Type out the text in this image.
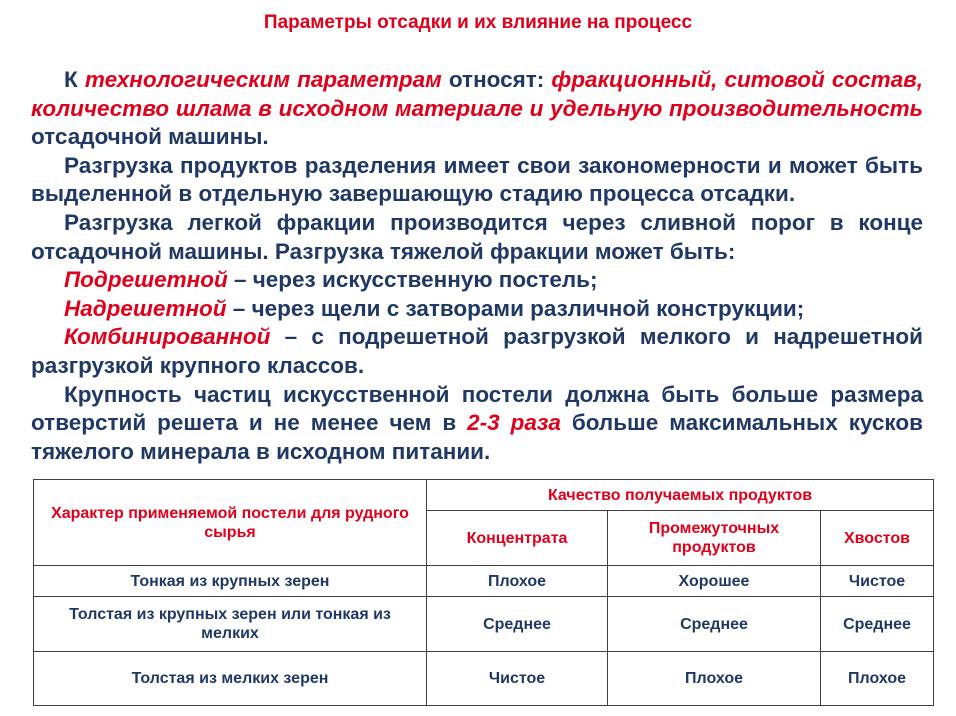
Параметры отсадки и их влияние на процесс

К технологическим параметрам относят: фракционный, ситовой состав, количество шлама в исходном материале и удельную производительность отсадочной машины.

Разгрузка продуктов разделения имеет свои закономерности и может быть выделенной в отдельную завершающую стадию процесса отсадки.

Разгрузка легкой фракции производится через сливной порог в конце отсадочной машины. Разгрузка тяжелой фракции может быть:

Подрешетной – через искусственную постель;

Надрешетной – через щели с затворами различной конструкции;

Комбинированной – с подрешетной разгрузкой мелкого и надрешетной разгрузкой крупного классов.

Крупность частиц искусственной постели должна быть больше размера отверстий решета и не менее чем в 2-3 раза больше максимальных кусков тяжелого минерала в исходном питании.

Характер применяемой постели для рудного сырья	Качество получаемых продуктов		
	Концентрата	Промежуточных продуктов	Хвостов
Тонкая из крупных зерен	Плохое	Хорошее	Чистое
Толстая из крупных зерен или тонкая из мелких	Среднее	Среднее	Среднее
Толстая из мелких зерен	Чистое	Плохое	Плохое
